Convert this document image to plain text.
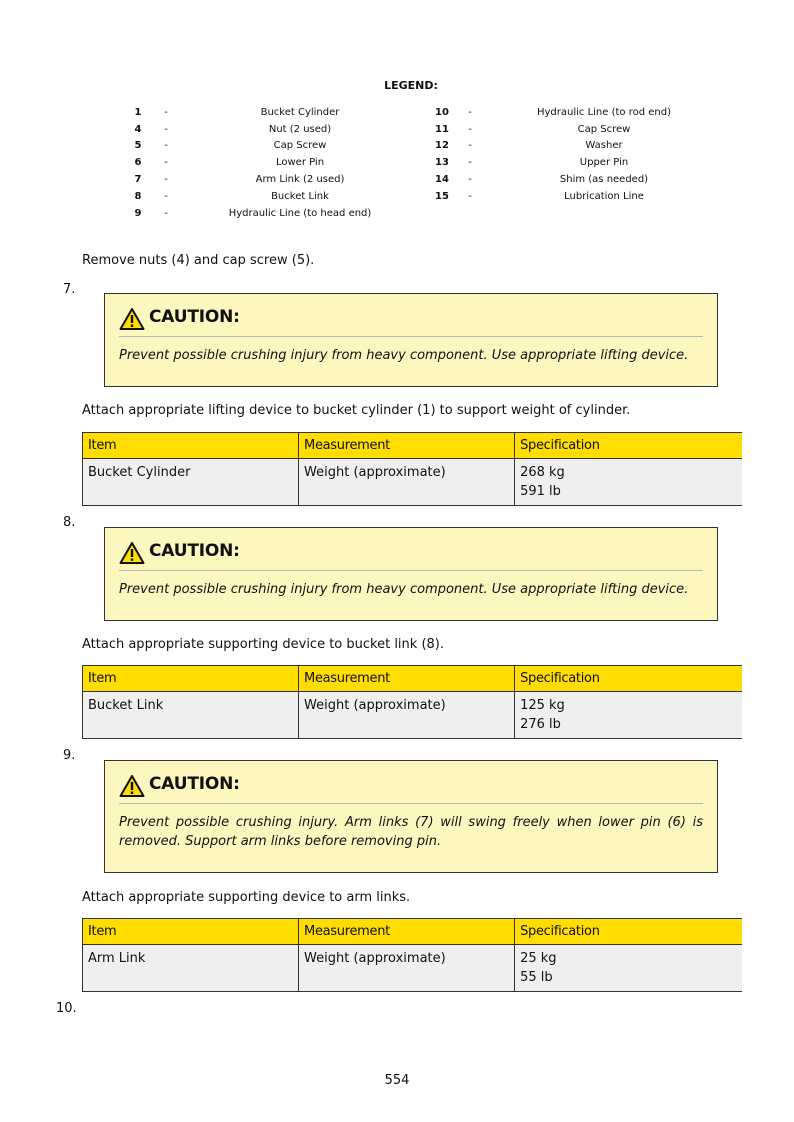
LEGEND:
1	-	Bucket Cylinder	10	-	Hydraulic Line (to rod end)
4	-	Nut (2 used)	11	-	Cap Screw
5	-	Cap Screw	12	-	Washer
6	-	Lower Pin	13	-	Upper Pin
7	-	Arm Link (2 used)	14	-	Shim (as needed)
8	-	Bucket Link	15	-	Lubrication Line
9	-	Hydraulic Line (to head end)			
Remove nuts (4) and cap screw (5).
7.
CAUTION:
Prevent possible crushing injury from heavy component. Use appropriate lifting device.
Attach appropriate lifting device to bucket cylinder (1) to support weight of cylinder.
Item	Measurement	Specification
Bucket Cylinder	Weight (approximate)	268 kg
591 lb
8.
CAUTION:
Prevent possible crushing injury from heavy component. Use appropriate lifting device.
Attach appropriate supporting device to bucket link (8).
Item	Measurement	Specification
Bucket Link	Weight (approximate)	125 kg
276 lb
9.
CAUTION:
Prevent possible crushing injury. Arm links (7) will swing freely when lower pin (6) is removed. Support arm links before removing pin.
Attach appropriate supporting device to arm links.
Item	Measurement	Specification
Arm Link	Weight (approximate)	25 kg
55 lb
10.
554
